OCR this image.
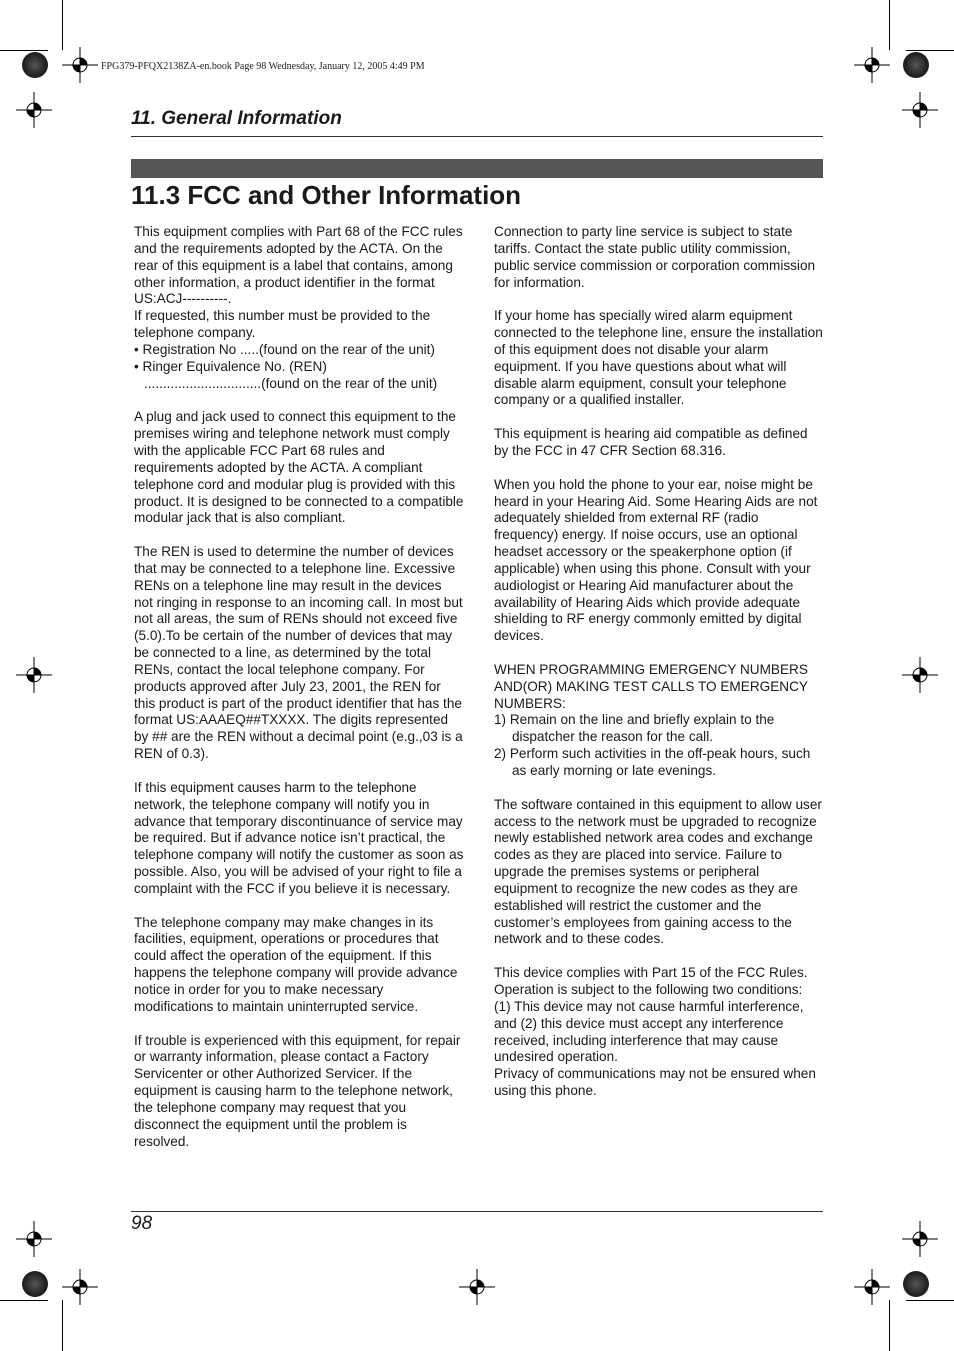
FPG379-PFQX2138ZA-en.book Page 98 Wednesday, January 12, 2005 4:49 PM
11. General Information
11.3 FCC and Other Information

This equipment complies with Part 68 of the FCC rules and the requirements adopted by the ACTA. On the rear of this equipment is a label that contains, among other information, a product identifier in the format US:ACJ----------.

If requested, this number must be provided to the telephone company.

• Registration No .....(found on the rear of the unit)

• Ringer Equivalence No. (REN)

...............................(found on the rear of the unit)

A plug and jack used to connect this equipment to the premises wiring and telephone network must comply with the applicable FCC Part 68 rules and requirements adopted by the ACTA. A compliant telephone cord and modular plug is provided with this product. It is designed to be connected to a compatible modular jack that is also compliant.

The REN is used to determine the number of devices that may be connected to a telephone line. Excessive RENs on a telephone line may result in the devices not ringing in response to an incoming call. In most but not all areas, the sum of RENs should not exceed five (5.0).To be certain of the number of devices that may be connected to a line, as determined by the total RENs, contact the local telephone company. For products approved after July 23, 2001, the REN for this product is part of the product identifier that has the format US:AAAEQ##TXXXX. The digits represented by ## are the REN without a decimal point (e.g.,03 is a REN of 0.3).

If this equipment causes harm to the telephone network, the telephone company will notify you in advance that temporary discontinuance of service may be required. But if advance notice isn’t practical, the telephone company will notify the customer as soon as possible. Also, you will be advised of your right to file a complaint with the FCC if you believe it is necessary.

The telephone company may make changes in its facilities, equipment, operations or procedures that could affect the operation of the equipment. If this happens the telephone company will provide advance notice in order for you to make necessary modifications to maintain uninterrupted service.

If trouble is experienced with this equipment, for repair or warranty information, please contact a Factory Servicenter or other Authorized Servicer. If the equipment is causing harm to the telephone network, the telephone company may request that you disconnect the equipment until the problem is resolved.

Connection to party line service is subject to state tariffs. Contact the state public utility commission, public service commission or corporation commission for information.

If your home has specially wired alarm equipment connected to the telephone line, ensure the installation of this equipment does not disable your alarm equipment. If you have questions about what will disable alarm equipment, consult your telephone company or a qualified installer.

This equipment is hearing aid compatible as defined by the FCC in 47 CFR Section 68.316.

When you hold the phone to your ear, noise might be heard in your Hearing Aid. Some Hearing Aids are not adequately shielded from external RF (radio frequency) energy. If noise occurs, use an optional headset accessory or the speakerphone option (if applicable) when using this phone. Consult with your audiologist or Hearing Aid manufacturer about the availability of Hearing Aids which provide adequate shielding to RF energy commonly emitted by digital devices.

WHEN PROGRAMMING EMERGENCY NUMBERS AND(OR) MAKING TEST CALLS TO EMERGENCY NUMBERS:

1) Remain on the line and briefly explain to the dispatcher the reason for the call.

2) Perform such activities in the off-peak hours, such as early morning or late evenings.

The software contained in this equipment to allow user access to the network must be upgraded to recognize newly established network area codes and exchange codes as they are placed into service. Failure to upgrade the premises systems or peripheral equipment to recognize the new codes as they are established will restrict the customer and the customer’s employees from gaining access to the network and to these codes.

This device complies with Part 15 of the FCC Rules. Operation is subject to the following two conditions:

(1) This device may not cause harmful interference, and (2) this device must accept any interference received, including interference that may cause undesired operation.

Privacy of communications may not be ensured when using this phone.

98
